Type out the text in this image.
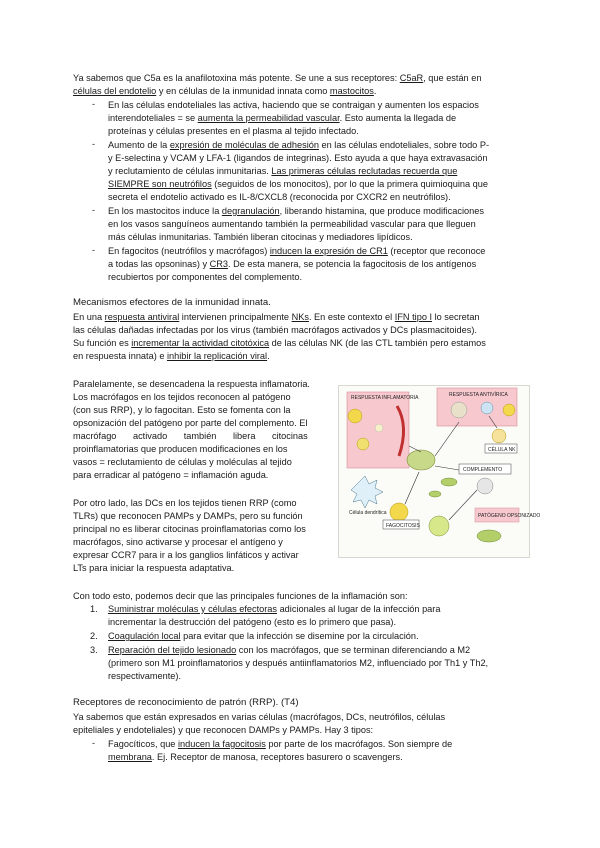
Ya sabemos que C5a es la anafilotoxina más potente. Se une a sus receptores: C5aR, que están en
células del endotelio y en células de la inmunidad innata como mastocitos.
- En las células endoteliales las activa, haciendo que se contraigan y aumenten los espacios
interendoteliales = se aumenta la permeabilidad vascular. Esto aumenta la llegada de
proteínas y células presentes en el plasma al tejido infectado.
- Aumento de la expresión de moléculas de adhesión en las células endoteliales, sobre todo P-
y E-selectina y VCAM y LFA-1 (ligandos de integrinas). Esto ayuda a que haya extravasación
y reclutamiento de células inmunitarias. Las primeras células reclutadas recuerda que
SIEMPRE son neutrófilos (seguidos de los monocitos), por lo que la primera quimioquina que
secreta el endotelio activado es IL-8/CXCL8 (reconocida por CXCR2 en neutrófilos).
- En los mastocitos induce la degranulación, liberando histamina, que produce modificaciones
en los vasos sanguíneos aumentando también la permeabilidad vascular para que lleguen
más células inmunitarias. También liberan citocinas y mediadores lipídicos.
- En fagocitos (neutrófilos y macrófagos) inducen la expresión de CR1 (receptor que reconoce
a todas las opsoninas) y CR3. De esta manera, se potencia la fagocitosis de los antígenos
recubiertos por componentes del complemento.
Mecanismos efectores de la inmunidad innata.
En una respuesta antiviral intervienen principalmente NKs. En este contexto el IFN tipo I lo secretan
las células dañadas infectadas por los virus (también macrófagos activados y DCs plasmacitoides).
Su función es incrementar la actividad citotóxica de las células NK (de las CTL también pero estamos
en respuesta innata) e inhibir la replicación viral.
Paralelamente, se desencadena la respuesta inflamatoria.
Los macrófagos en los tejidos reconocen al patógeno
(con sus RRP), y lo fagocitan. Esto se fomenta con la
opsonización del patógeno por parte del complemento. El
macrófago activado también libera citocinas
proinflamatorias que producen modificaciones en los
vasos = reclutamiento de células y moléculas al tejido
para erradicar al patógeno = inflamación aguda.
Por otro lado, las DCs en los tejidos tienen RRP (como
TLRs) que reconocen PAMPs y DAMPs, pero su función
principal no es liberar citocinas proinflamatorias como los
macrófagos, sino activarse y procesar el antígeno y
expresar CCR7 para ir a los ganglios linfáticos y activar
LTs para iniciar la respuesta adaptativa.
RESPUESTA INFLAMATORIA	RESPUESTA ANTIVÍRICA
CÉLULA NK
COMPLEMENTO
Célula dendrítica
FAGOCITOSIS
PATÓGENO OPSONIZADO
Con todo esto, podemos decir que las principales funciones de la inflamación son:
1. Suministrar moléculas y células efectoras adicionales al lugar de la infección para
incrementar la destrucción del patógeno (esto es lo primero que pasa).
2. Coagulación local para evitar que la infección se disemine por la circulación.
3. Reparación del tejido lesionado con los macrófagos, que se terminan diferenciando a M2
(primero son M1 proinflamatorios y después antiinflamatorios M2, influenciado por Th1 y Th2,
respectivamente).
Receptores de reconocimiento de patrón (RRP). (T4)
Ya sabemos que están expresados en varias células (macrófagos, DCs, neutrófilos, células
epiteliales y endoteliales) y que reconocen DAMPs y PAMPs. Hay 3 tipos:
- Fagocíticos, que inducen la fagocitosis por parte de los macrófagos. Son siempre de
membrana. Ej. Receptor de manosa, receptores basurero o scavengers.
